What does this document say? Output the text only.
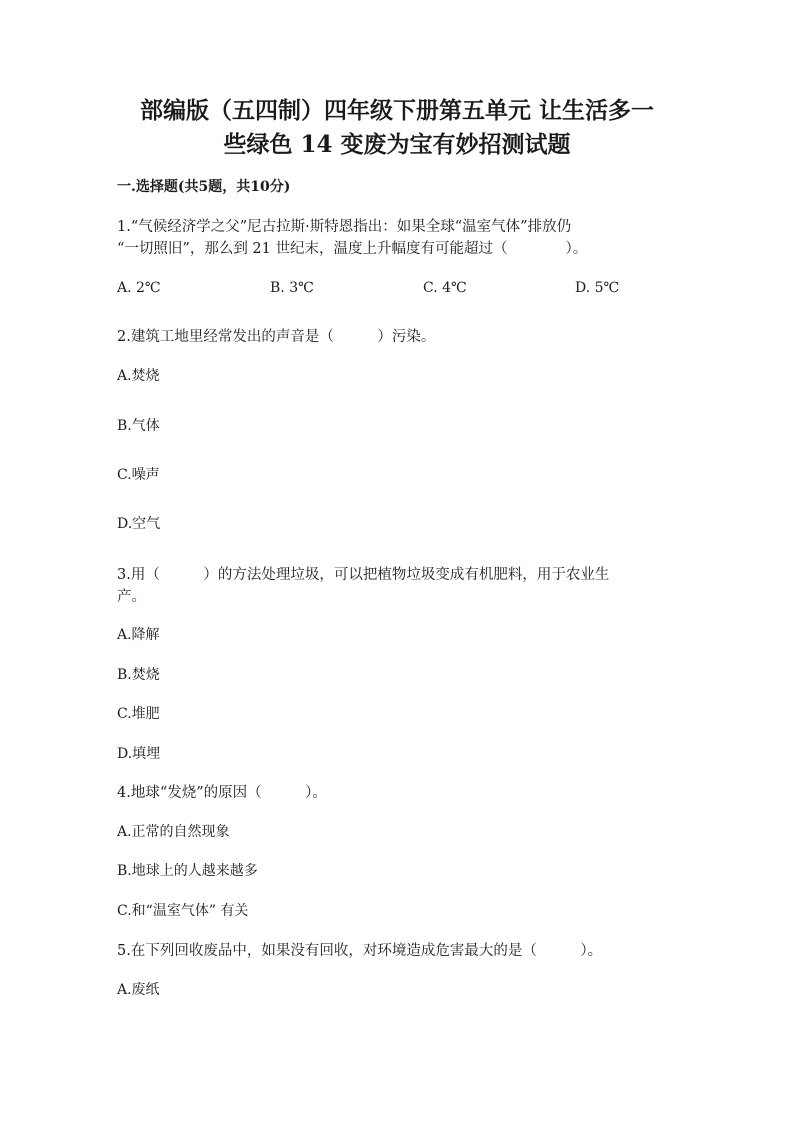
部编版（五四制）四年级下册第五单元 让生活多一
些绿色 14 变废为宝有妙招测试题
一.选择题(共5题，共10分)
1.“气候经济学之父”尼古拉斯·斯特恩指出：如果全球“温室气体”排放仍
“一切照旧”，那么到 21 世纪末，温度上升幅度有可能超过（　　　　）。
A. 2℃	B. 3℃	C. 4℃	D. 5℃
2.建筑工地里经常发出的声音是（　　　）污染。
A.焚烧
B.气体
C.噪声
D.空气
3.用（　　　）的方法处理垃圾，可以把植物垃圾变成有机肥料，用于农业生
产。
A.降解
B.焚烧
C.堆肥
D.填埋
4.地球“发烧”的原因（　　　）。
A.正常的自然现象
B.地球上的人越来越多
C.和“温室气体” 有关
5.在下列回收废品中，如果没有回收，对环境造成危害最大的是（　　　）。
A.废纸
